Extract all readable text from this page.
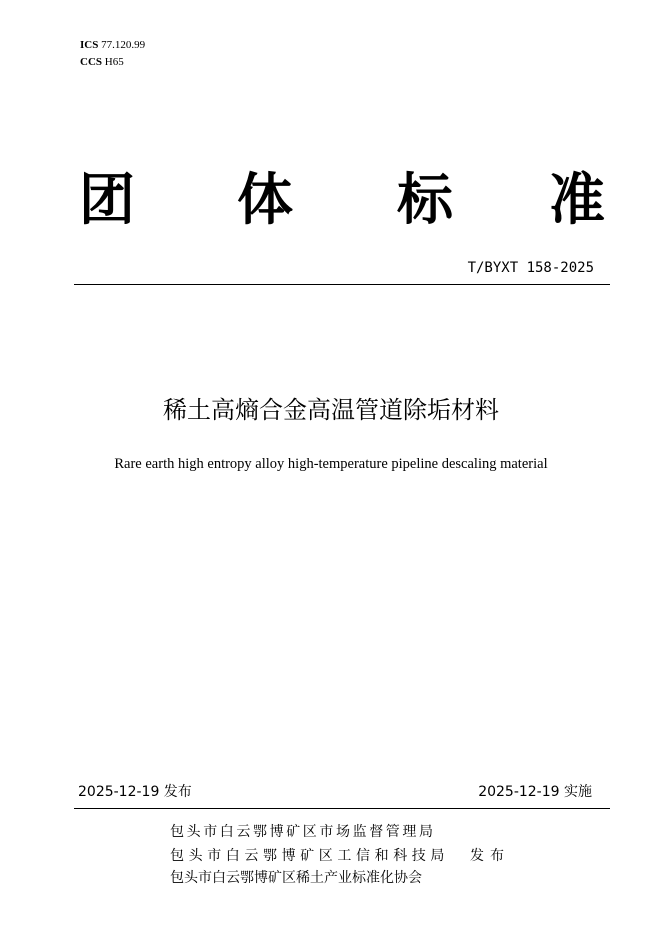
ICS 77.120.99
CCS H65
团 体 标 准
T/BYXT 158-2025
稀土高熵合金高温管道除垢材料
Rare earth high entropy alloy high-temperature pipeline descaling material
2025-12-19 发布	2025-12-19 实施
包头市白云鄂博矿区市场监督管理局
包头市白云鄂博矿区工信和科技局 发布
包头市白云鄂博矿区稀土产业标准化协会
